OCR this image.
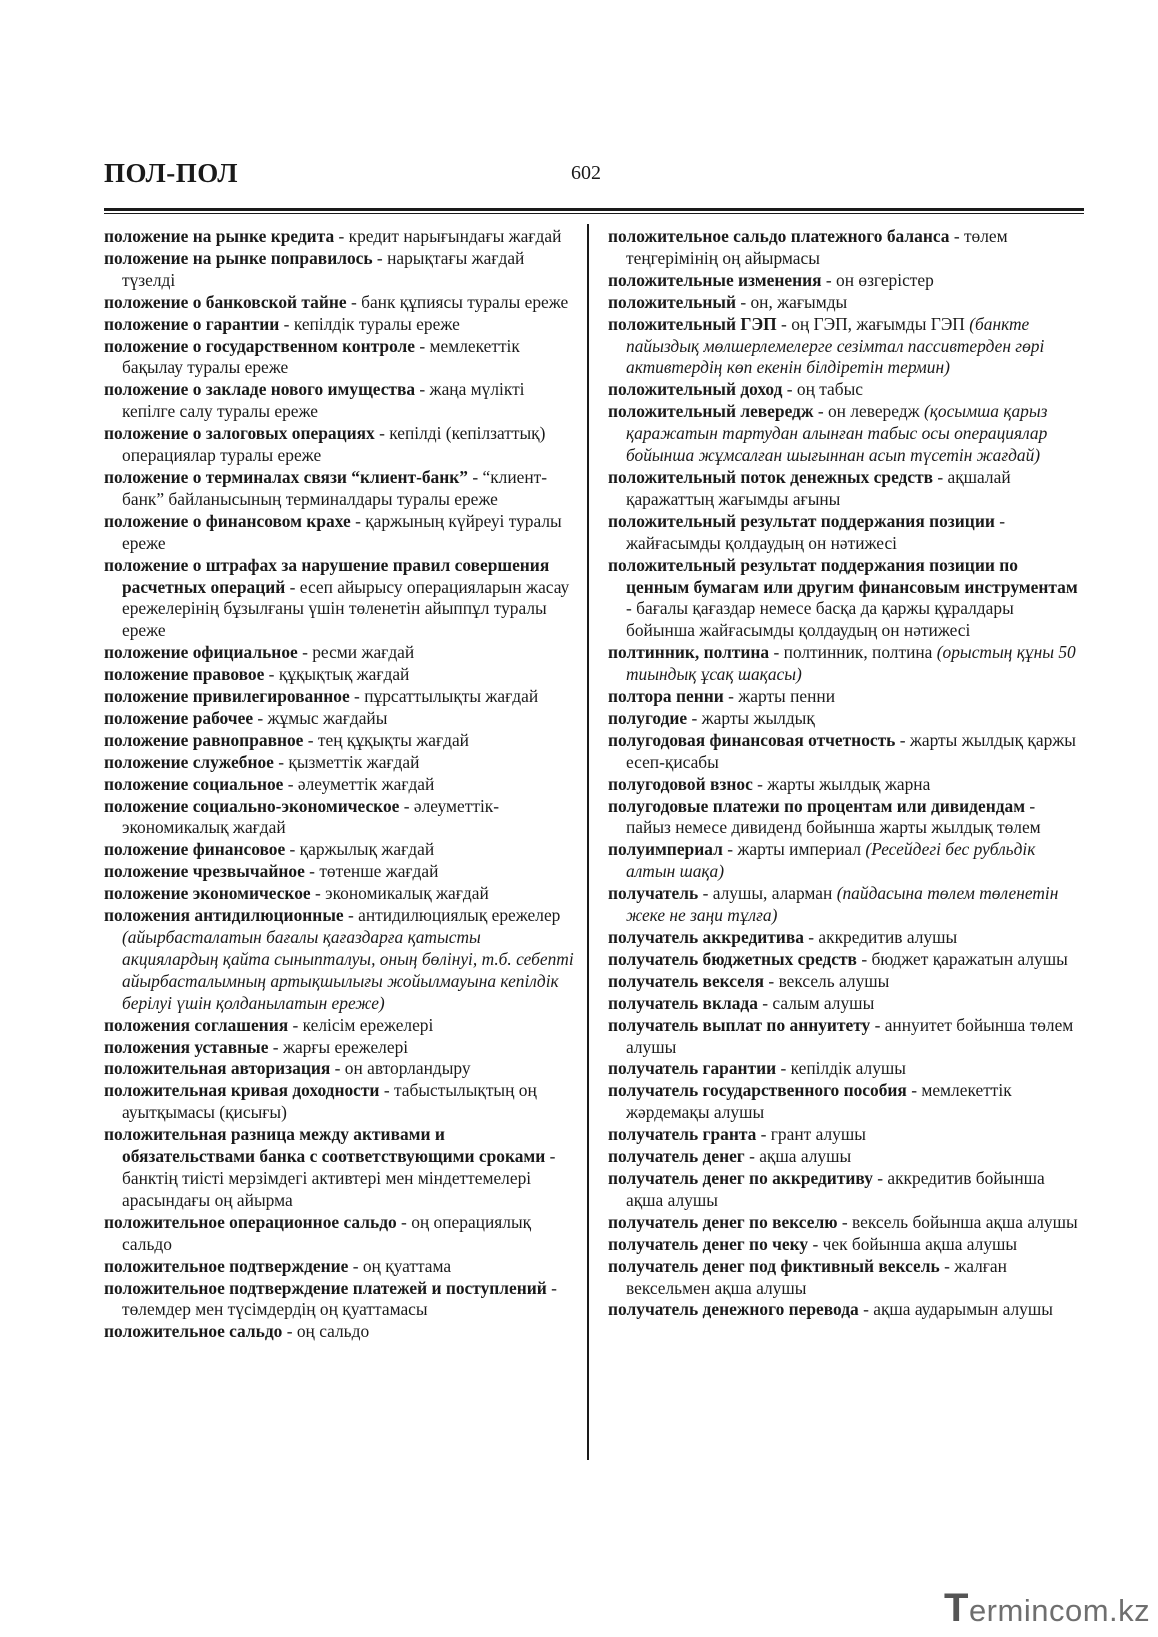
ПОЛ-ПОЛ	602

положение на рынке кредита - кредит нарығындағы жағдай

положение на рынке поправилось - нарықтағы жағдай түзелді

положение о банковской тайне - банк құпиясы туралы ереже

положение о гарантии - кепілдік туралы ереже

положение о государственном контроле - мемлекеттік бақылау туралы ереже

положение о закладе нового имущества - жаңа мүлікті кепілге салу туралы ереже

положение о залоговых операциях - кепілді (кепілзаттық) операциялар туралы ереже

положение о терминалах связи “клиент-банк” - “клиент-банк” байланысының терминалдары туралы ереже

положение о финансовом крахе - қаржының күйреуі туралы ереже

положение о штрафах за нарушение правил совершения расчетных операций - есеп айырысу операцияларын жасау ережелерінің бұзылғаны үшін төленетін айыппұл туралы ереже

положение официальное - ресми жағдай

положение правовое - құқықтық жағдай

положение привилегированное - пұрсаттылықты жағдай

положение рабочее - жұмыс жағдайы

положение равноправное - тең құқықты жағдай

положение служебное - қызметтік жағдай

положение социальное - әлеуметтік жағдай

положение социально-экономическое - әлеуметтік-экономикалық жағдай

положение финансовое - қаржылық жағдай

положение чрезвычайное - төтенше жағдай

положение экономическое - экономикалық жағдай

положения антидилюционные - антидилюциялық ережелер (айырбасталатын бағалы қағаздарға қатысты акциялардың қайта сыныпталуы, оның бөлінуі, т.б. себепті айырбасталымның артықшылығы жойылмауына кепілдік берілуі үшін қолданылатын ереже)

положения соглашения - келісім ережелері

положения уставные - жарғы ережелері

положительная авторизация - он авторландыру

положительная кривая доходности - табыстылықтың оң ауытқымасы (қисығы)

положительная разница между активами и обязательствами банка с соответствующими сроками - банктің тиісті мерзімдегі активтері мен міндеттемелері арасындағы оң айырма

положительное операционное сальдо - оң операциялық сальдо

положительное подтверждение - оң қуаттама

положительное подтверждение платежей и поступлений - төлемдер мен түсімдердің оң қуаттамасы

положительное сальдо - оң сальдо

положительное сальдо платежного баланса - төлем теңгерімінің оң айырмасы

положительные изменения - он өзгерістер

положительный - он, жағымды

положительный ГЭП - оң ГЭП, жағымды ГЭП (банкте пайыздық мөлшерлемелерге сезімтал пассивтерден гөрі активтердің көп екенін білдіретін термин)

положительный доход - оң табыс

положительный левередж - он левередж (қосымша қарыз қаражатын тартудан алынған табыс осы операциялар бойынша жұмсалған шығыннан асып түсетін жағдай)

положительный поток денежных средств - ақшалай қаражаттың жағымды ағыны

положительный результат поддержания позиции - жайғасымды қолдаудың он нәтижесі

положительный результат поддержания позиции по ценным бумагам или другим финансовым инструментам - бағалы қағаздар немесе басқа да қаржы құралдары бойынша жайғасымды қолдаудың он нәтижесі

полтинник, полтина - полтинник, полтина (орыстың құны 50 тиындық ұсақ шақасы)

полтора пенни - жарты пенни

полугодие - жарты жылдық

полугодовая финансовая отчетность - жарты жылдық қаржы есеп-қисабы

полугодовой взнос - жарты жылдық жарна

полугодовые платежи по процентам или дивидендам - пайыз немесе дивиденд бойынша жарты жылдық төлем

полуимпериал - жарты империал (Ресейдегі бес рубльдік алтын шақа)

получатель - алушы, аларман (пайдасына төлем төленетін жеке не заңи тұлға)

получатель аккредитива - аккредитив алушы

получатель бюджетных средств - бюджет қаражатын алушы

получатель векселя - вексель алушы

получатель вклада - салым алушы

получатель выплат по аннуитету - аннуитет бойынша төлем алушы

получатель гарантии - кепілдік алушы

получатель государственного пособия - мемлекеттік жәрдемақы алушы

получатель гранта - грант алушы

получатель денег - ақша алушы

получатель денег по аккредитиву - аккредитив бойынша ақша алушы

получатель денег по векселю - вексель бойынша ақша алушы

получатель денег по чеку - чек бойынша ақша алушы

получатель денег под фиктивный вексель - жалған вексельмен ақша алушы

получатель денежного перевода - ақша аударымын алушы

Termincom.kz
